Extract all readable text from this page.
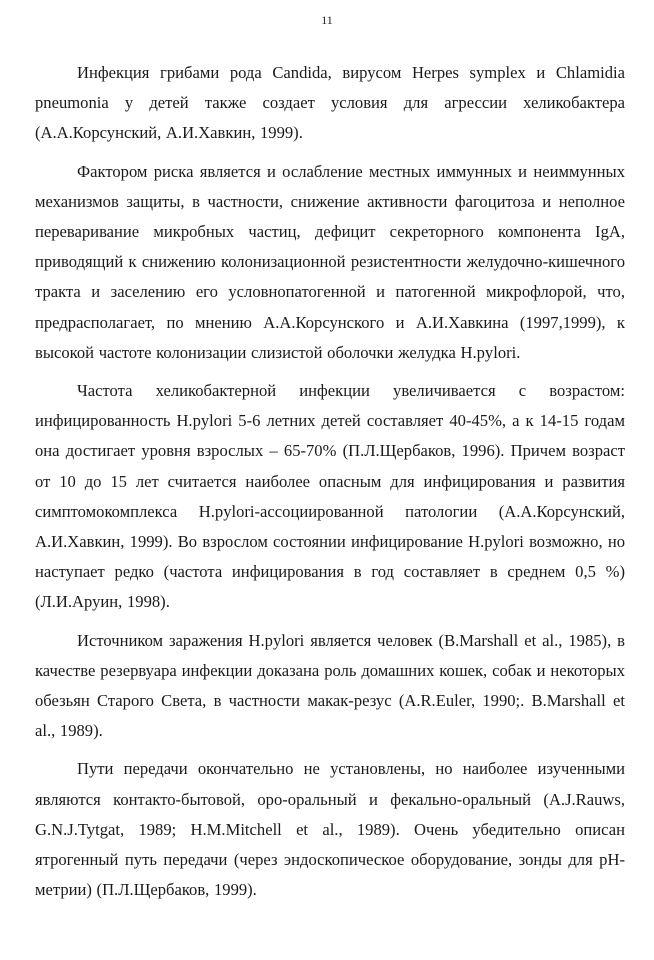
11

Инфекция грибами рода Candida, вирусом Herpes symplex и Chlamidia pneumonia у детей также создает условия для агрессии хеликобактера (А.А.Корсунский, А.И.Хавкин, 1999).

Фактором риска является и ослабление местных иммунных и неиммунных механизмов защиты, в частности, снижение активности фагоцитоза и неполное переваривание микробных частиц, дефицит секреторного компонента IgA, приводящий к снижению колонизационной резистентности желудочно-кишечного тракта и заселению его условнопатогенной и патогенной микрофлорой, что, предрасполагает, по мнению А.А.Корсунского и А.И.Хавкина (1997,1999), к высокой частоте колонизации слизистой оболочки желудка H.pylori.

Частота хеликобактерной инфекции увеличивается с возрастом: инфицированность H.pylori 5-6 летних детей составляет 40-45%, а к 14-15 годам она достигает уровня взрослых – 65-70% (П.Л.Щербаков, 1996). Причем возраст от 10 до 15 лет считается наиболее опасным для инфицирования и развития симптомокомплекса H.pylori-ассоциированной патологии (А.А.Корсунский, А.И.Хавкин, 1999). Во взрослом состоянии инфицирование H.pylori возможно, но наступает редко (частота инфицирования в год составляет в среднем 0,5 %) (Л.И.Аруин, 1998).

Источником заражения H.pylori является человек (B.Marshall et al., 1985), в качестве резервуара инфекции доказана роль домашних кошек, собак и некоторых обезьян Старого Света, в частности макак-резус (A.R.Euler, 1990;. B.Marshall et al., 1989).

Пути передачи окончательно не установлены, но наиболее изученными являются контакто-бытовой, оро-оральный и фекально-оральный (A.J.Rauws, G.N.J.Tytgat, 1989; H.M.Mitchell et al., 1989). Очень убедительно описан ятрогенный путь передачи (через эндоскопическое оборудование, зонды для pH-метрии) (П.Л.Щербаков, 1999).
